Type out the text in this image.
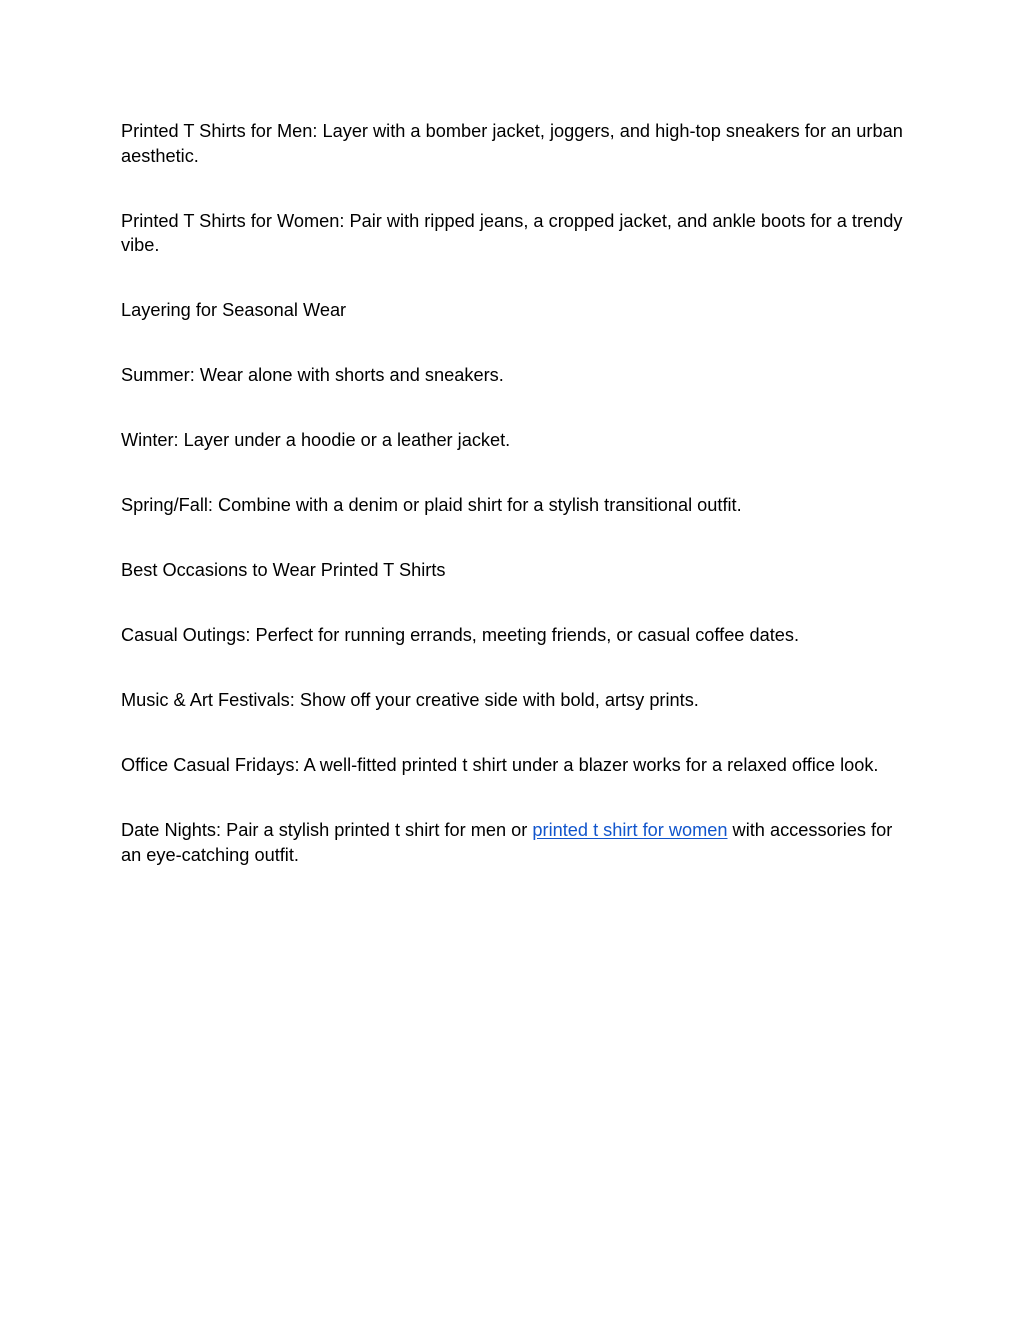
Printed T Shirts for Men: Layer with a bomber jacket, joggers, and high-top sneakers for an urban aesthetic.

Printed T Shirts for Women: Pair with ripped jeans, a cropped jacket, and ankle boots for a trendy vibe.

Layering for Seasonal Wear

Summer: Wear alone with shorts and sneakers.

Winter: Layer under a hoodie or a leather jacket.

Spring/Fall: Combine with a denim or plaid shirt for a stylish transitional outfit.

Best Occasions to Wear Printed T Shirts

Casual Outings: Perfect for running errands, meeting friends, or casual coffee dates.

Music & Art Festivals: Show off your creative side with bold, artsy prints.

Office Casual Fridays: A well-fitted printed t shirt under a blazer works for a relaxed office look.

Date Nights: Pair a stylish printed t shirt for men or printed t shirt for women with accessories for an eye-catching outfit.
